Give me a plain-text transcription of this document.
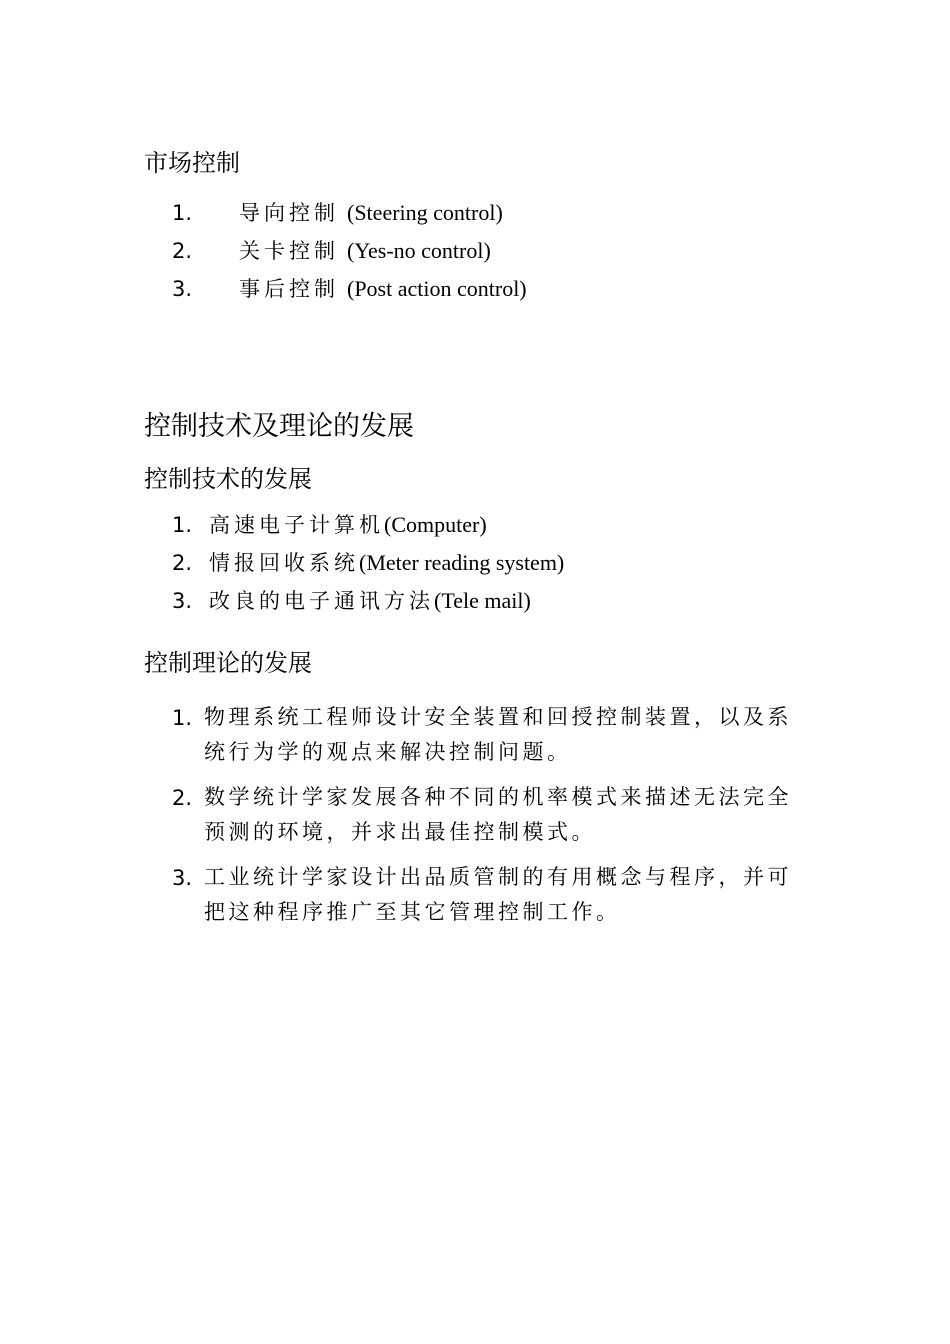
市场控制
1. 导向控制 (Steering control)
2. 关卡控制 (Yes-no control)
3. 事后控制 (Post action control)
控制技术及理论的发展
控制技术的发展
1. 高速电子计算机(Computer)
2. 情报回收系统(Meter reading system)
3. 改良的电子通讯方法(Tele mail)
控制理论的发展
1. 物理系统工程师设计安全装置和回授控制装置，以及系统行为学的观点来解决控制问题。
2. 数学统计学家发展各种不同的机率模式来描述无法完全预测的环境，并求出最佳控制模式。
3. 工业统计学家设计出品质管制的有用概念与程序，并可把这种程序推广至其它管理控制工作。
